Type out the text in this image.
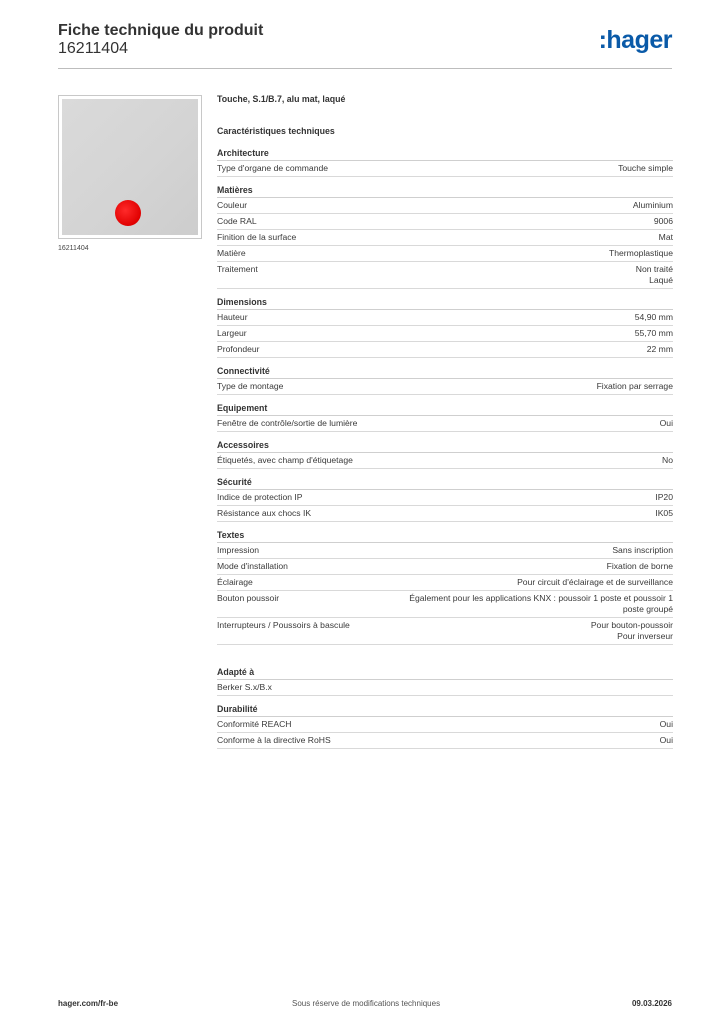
Fiche technique du produit
16211404	:hager
16211404
Touche, S.1/B.7, alu mat, laqué
Caractéristiques techniques
Architecture
Type d'organe de commande	Touche simple
Matières
Couleur	Aluminium
Code RAL	9006
Finition de la surface	Mat
Matière	Thermoplastique
Traitement	Non traité
Laqué
Dimensions
Hauteur	54,90 mm
Largeur	55,70 mm
Profondeur	22 mm
Connectivité
Type de montage	Fixation par serrage
Equipement
Fenêtre de contrôle/sortie de lumière	Oui
Accessoires
Étiquetés, avec champ d'étiquetage	No
Sécurité
Indice de protection IP	IP20
Résistance aux chocs IK	IK05
Textes
Impression	Sans inscription
Mode d'installation	Fixation de borne
Éclairage	Pour circuit d'éclairage et de surveillance
Bouton poussoir	Également pour les applications KNX : poussoir 1 poste et poussoir 1
poste groupé
Interrupteurs / Poussoirs à bascule	Pour bouton-poussoir
Pour inverseur
Adapté à
Berker S.x/B.x

Durabilité
Conformité REACH	Oui
Conforme à la directive RoHS	Oui
hager.com/fr-be	Sous réserve de modifications techniques	09.03.2026
